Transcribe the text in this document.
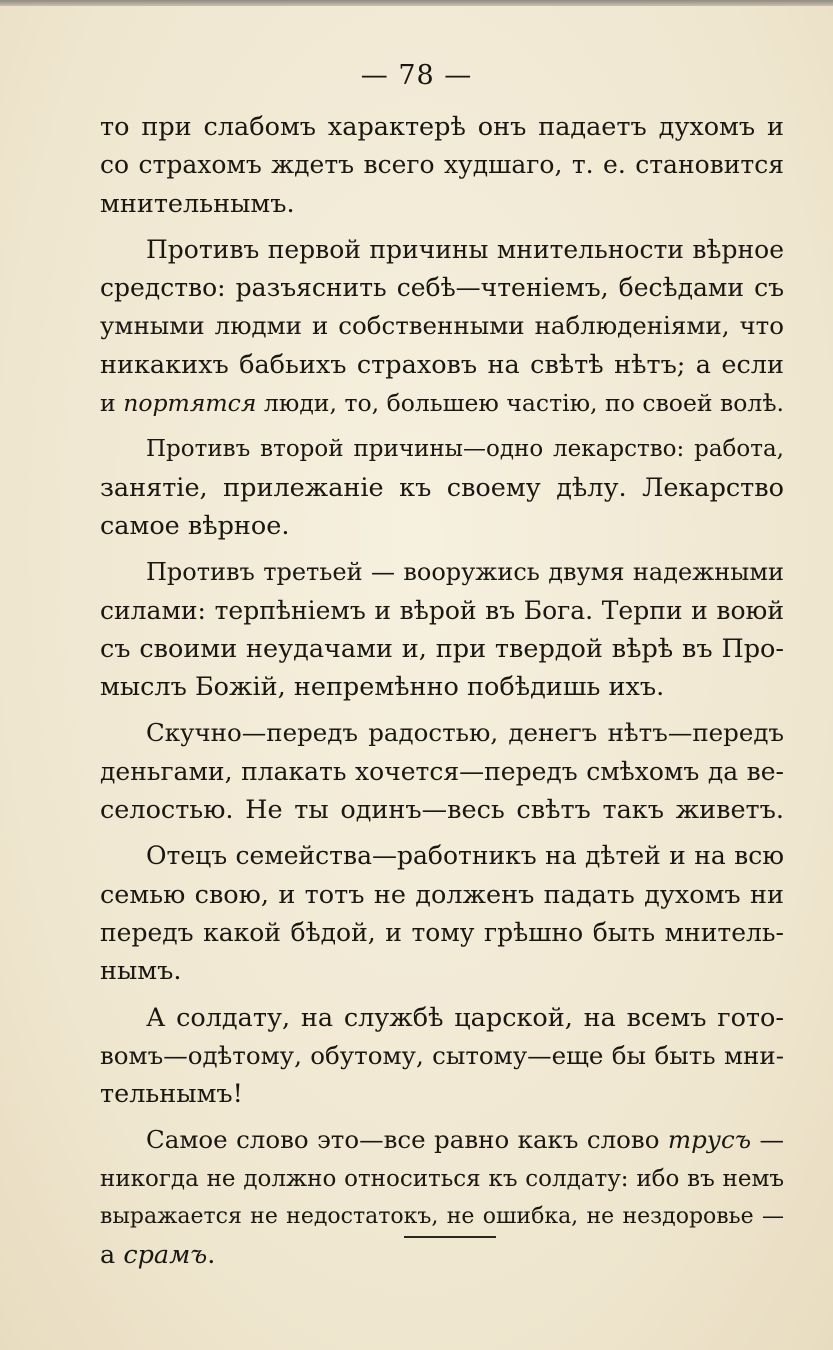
— 78 —
то при слабомъ характерѣ онъ падаетъ духомъ и
со страхомъ ждетъ всего худшаго, т. е. становится
мнительнымъ.
Противъ первой причины мнительности вѣрное
средство: разъяснить себѣ—чтеніемъ, бесѣдами съ
умными людми и собственными наблюденіями, что
никакихъ бабьихъ страховъ на свѣтѣ нѣтъ; а если
и портятся люди, то, большею частію, по своей волѣ.
Противъ второй причины—одно лекарство: работа,
занятіе, прилежаніе къ своему дѣлу. Лекарство
самое вѣрное.
Противъ третьей — вооружись двумя надежными
силами: терпѣніемъ и вѣрой въ Бога. Терпи и воюй
съ своими неудачами и, при твердой вѣрѣ въ Про-
мыслъ Божій, непремѣнно побѣдишь ихъ.
Скучно—передъ радостью, денегъ нѣтъ—передъ
деньгами, плакать хочется—передъ смѣхомъ да ве-
селостью. Не ты одинъ—весь свѣтъ такъ живетъ.
Отецъ семейства—работникъ на дѣтей и на всю
семью свою, и тотъ не долженъ падать духомъ ни
передъ какой бѣдой, и тому грѣшно быть мнитель-
нымъ.
А солдату, на службѣ царской, на всемъ гото-
вомъ—одѣтому, обутому, сытому—еще бы быть мни-
тельнымъ!
Самое слово это—все равно какъ слово трусъ —
никогда не должно относиться къ солдату: ибо въ немъ
выражается не недостатокъ, не ошибка, не нездоровье —
а срамъ.
